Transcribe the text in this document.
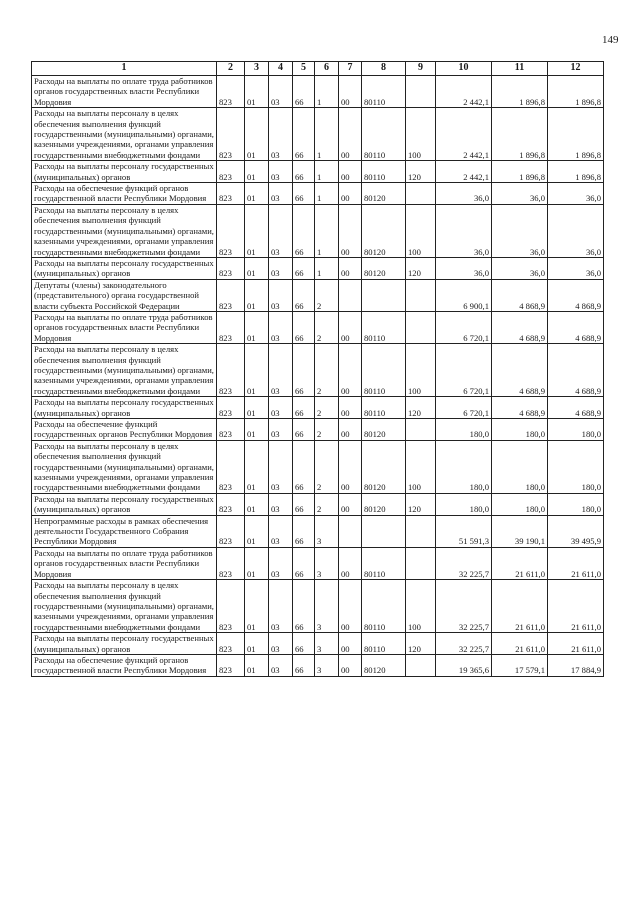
149
1	2	3	4	5	6	7	8	9	10	11	12
Расходы на выплаты по оплате труда работников органов государственных власти Республики Мордовия	823	01	03	66	1	00	80110		2 442,1	1 896,8	1 896,8
Расходы на выплаты персоналу в целях обеспечения выполнения функций государственными (муниципальными) органами, казенными учреждениями, органами управления государственными внебюджетными фондами	823	01	03	66	1	00	80110	100	2 442,1	1 896,8	1 896,8
Расходы на выплаты персоналу государственных (муниципальных) органов	823	01	03	66	1	00	80110	120	2 442,1	1 896,8	1 896,8
Расходы на обеспечение функций органов государственной власти Республики Мордовия	823	01	03	66	1	00	80120		36,0	36,0	36,0
Расходы на выплаты персоналу в целях обеспечения выполнения функций государственными (муниципальными) органами, казенными учреждениями, органами управления государственными внебюджетными фондами	823	01	03	66	1	00	80120	100	36,0	36,0	36,0
Расходы на выплаты персоналу государственных (муниципальных) органов	823	01	03	66	1	00	80120	120	36,0	36,0	36,0
Депутаты (члены) законодательного (представительного) органа государственной власти субъекта Российской Федерации	823	01	03	66	2				6 900,1	4 868,9	4 868,9
Расходы на выплаты по оплате труда работников органов государственных власти Республики Мордовия	823	01	03	66	2	00	80110		6 720,1	4 688,9	4 688,9
Расходы на выплаты персоналу в целях обеспечения выполнения функций государственными (муниципальными) органами, казенными учреждениями, органами управления государственными внебюджетными фондами	823	01	03	66	2	00	80110	100	6 720,1	4 688,9	4 688,9
Расходы на выплаты персоналу государственных (муниципальных) органов	823	01	03	66	2	00	80110	120	6 720,1	4 688,9	4 688,9
Расходы на обеспечение функций государственных органов Республики Мордовия	823	01	03	66	2	00	80120		180,0	180,0	180,0
Расходы на выплаты персоналу в целях обеспечения выполнения функций государственными (муниципальными) органами, казенными учреждениями, органами управления государственными внебюджетными фондами	823	01	03	66	2	00	80120	100	180,0	180,0	180,0
Расходы на выплаты персоналу государственных (муниципальных) органов	823	01	03	66	2	00	80120	120	180,0	180,0	180,0
Непрограммные расходы в рамках обеспечения деятельности Государственного Собрания Республики Мордовия	823	01	03	66	3				51 591,3	39 190,1	39 495,9
Расходы на выплаты по оплате труда работников органов государственных власти Республики Мордовия	823	01	03	66	3	00	80110		32 225,7	21 611,0	21 611,0
Расходы на выплаты персоналу в целях обеспечения выполнения функций государственными (муниципальными) органами, казенными учреждениями, органами управления государственными внебюджетными фондами	823	01	03	66	3	00	80110	100	32 225,7	21 611,0	21 611,0
Расходы на выплаты персоналу государственных (муниципальных) органов	823	01	03	66	3	00	80110	120	32 225,7	21 611,0	21 611,0
Расходы на обеспечение функций органов государственной власти Республики Мордовия	823	01	03	66	3	00	80120		19 365,6	17 579,1	17 884,9
